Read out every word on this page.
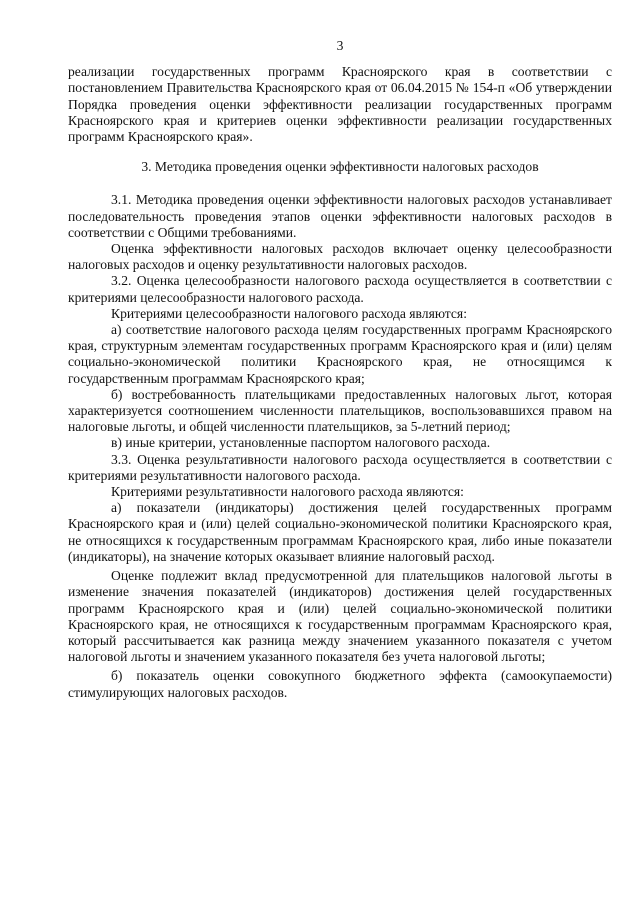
3

реализации государственных программ Красноярского края в соответствии с постановлением Правительства Красноярского края от 06.04.2015 № 154-п «Об утверждении Порядка проведения оценки эффективности реализации государственных программ Красноярского края и критериев оценки эффективности реализации государственных программ Красноярского края».

3. Методика проведения оценки эффективности налоговых расходов

3.1. Методика проведения оценки эффективности налоговых расходов устанавливает последовательность проведения этапов оценки эффективности налоговых расходов в соответствии с Общими требованиями.

Оценка эффективности налоговых расходов включает оценку целесообразности налоговых расходов и оценку результативности налоговых расходов.

3.2. Оценка целесообразности налогового расхода осуществляется в соответствии с критериями целесообразности налогового расхода.

Критериями целесообразности налогового расхода являются:

а) соответствие налогового расхода целям государственных программ Красноярского края, структурным элементам государственных программ Красноярского края и (или) целям социально-экономической политики Красноярского края, не относящимся к государственным программам Красноярского края;

б) востребованность плательщиками предоставленных налоговых льгот, которая характеризуется соотношением численности плательщиков, воспользовавшихся правом на налоговые льготы, и общей численности плательщиков, за 5-летний период;

в) иные критерии, установленные паспортом налогового расхода.

3.3. Оценка результативности налогового расхода осуществляется в соответствии с критериями результативности налогового расхода.

Критериями результативности налогового расхода являются:

а) показатели (индикаторы) достижения целей государственных программ Красноярского края и (или) целей социально-экономической политики Красноярского края, не относящихся к государственным программам Красноярского края, либо иные показатели (индикаторы), на значение которых оказывает влияние налоговый расход.

Оценке подлежит вклад предусмотренной для плательщиков налоговой льготы в изменение значения показателей (индикаторов) достижения целей государственных программ Красноярского края и (или) целей социально-экономической политики Красноярского края, не относящихся к государственным программам Красноярского края, который рассчитывается как разница между значением указанного показателя с учетом налоговой льготы и значением указанного показателя без учета налоговой льготы;

б) показатель оценки совокупного бюджетного эффекта (самоокупаемости) стимулирующих налоговых расходов.
